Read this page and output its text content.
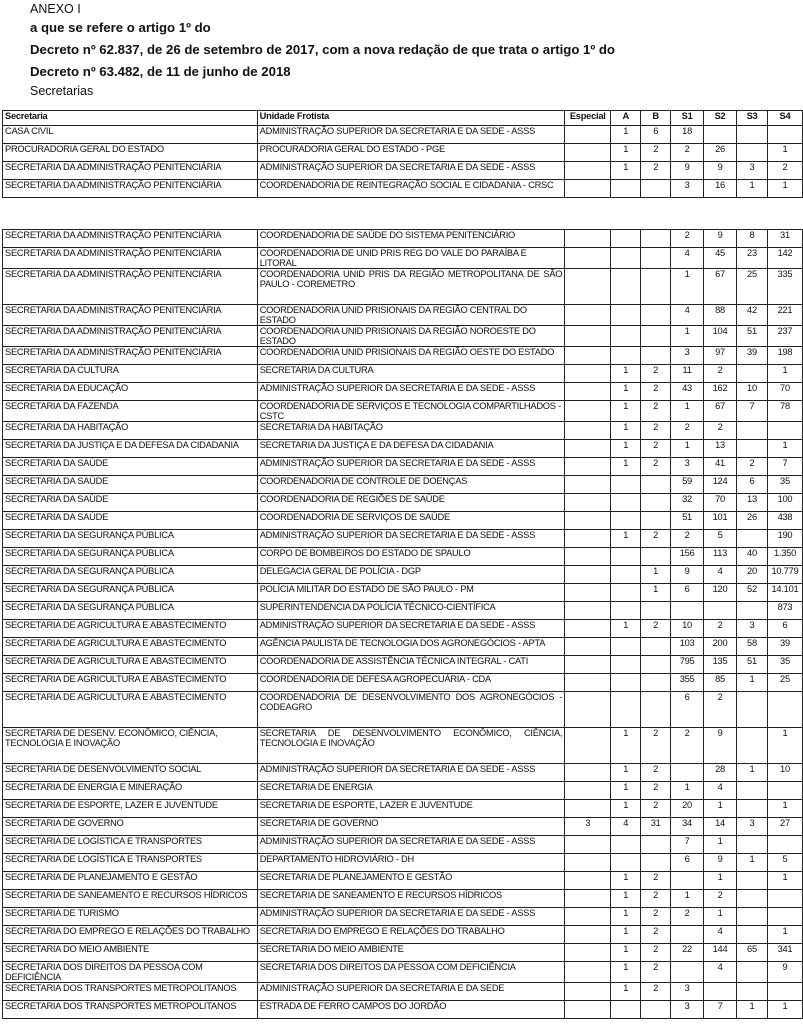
ANEXO I
a que se refere o artigo 1º do
Decreto nº 62.837, de 26 de setembro de 2017, com a nova redação de que trata o artigo 1º do
Decreto nº 63.482, de 11 de junho de 2018
Secretarias
Secretaria	Unidade Frotista	Especial	A	B	S1	S2	S3	S4
CASA CIVIL	ADMINISTRAÇÃO SUPERIOR DA SECRETARIA E DA SEDE - ASSS		1	6	18			
PROCURADORIA GERAL DO ESTADO	PROCURADORIA GERAL DO ESTADO - PGE		1	2	2	26		1
SECRETARIA DA ADMINISTRAÇÃO PENITENCIÁRIA	ADMINISTRAÇÃO SUPERIOR DA SECRETARIA E DA SEDE - ASSS		1	2	9	9	3	2
SECRETARIA DA ADMINISTRAÇÃO PENITENCIÁRIA	COORDENADORIA DE REINTEGRAÇÃO SOCIAL E CIDADANIA - CRSC				3	16	1	1
SECRETARIA DA ADMINISTRAÇÃO PENITENCIÁRIA	COORDENADORIA DE SAÚDE DO SISTEMA PENITENCIÁRIO				2	9	8	31
SECRETARIA DA ADMINISTRAÇÃO PENITENCIÁRIA	COORDENADORIA DE UNID PRIS REG DO VALE DO PARAÍBA E LITORAL				4	45	23	142
SECRETARIA DA ADMINISTRAÇÃO PENITENCIÁRIA	COORDENADORIA UNID PRIS DA REGIÃO METROPOLITANA DE SÃO PAULO - COREMETRO				1	67	25	335
SECRETARIA DA ADMINISTRAÇÃO PENITENCIÁRIA	COORDENADORIA UNID PRISIONAIS DA REGIÃO CENTRAL DO ESTADO				4	88	42	221
SECRETARIA DA ADMINISTRAÇÃO PENITENCIÁRIA	COORDENADORIA UNID PRISIONAIS DA REGIÃO NOROESTE DO ESTADO				1	104	51	237
SECRETARIA DA ADMINISTRAÇÃO PENITENCIÁRIA	COORDENADORIA UNID PRISIONAIS DA REGIÃO OESTE DO ESTADO				3	97	39	198
SECRETARIA DA CULTURA	SECRETARIA DA CULTURA		1	2	11	2		1
SECRETARIA DA EDUCAÇÃO	ADMINISTRAÇÃO SUPERIOR DA SECRETARIA E DA SEDE - ASSS		1	2	43	162	10	70
SECRETARIA DA FAZENDA	COORDENADORIA DE SERVIÇOS E TECNOLOGIA COMPARTILHADOS - CSTC		1	2	1	67	7	78
SECRETARIA DA HABITAÇÃO	SECRETARIA DA HABITAÇÃO		1	2	2	2		
SECRETARIA DA JUSTIÇA E DA DEFESA DA CIDADANIA	SECRETARIA DA JUSTIÇA E DA DEFESA DA CIDADANIA		1	2	1	13		1
SECRETARIA DA SAÚDE	ADMINISTRAÇÃO SUPERIOR DA SECRETARIA E DA SEDE - ASSS		1	2	3	41	2	7
SECRETARIA DA SAÚDE	COORDENADORIA DE CONTROLE DE DOENÇAS				59	124	6	35
SECRETARIA DA SAÚDE	COORDENADORIA DE REGIÕES DE SAÚDE				32	70	13	100
SECRETARIA DA SAÚDE	COORDENADORIA DE SERVIÇOS DE SAÚDE				51	101	26	438
SECRETARIA DA SEGURANÇA PÚBLICA	ADMINISTRAÇÃO SUPERIOR DA SECRETARIA E DA SEDE - ASSS		1	2	2	5		190
SECRETARIA DA SEGURANÇA PÚBLICA	CORPO DE BOMBEIROS DO ESTADO DE SPAULO				156	113	40	1.350
SECRETARIA DA SEGURANÇA PÚBLICA	DELEGACIA GERAL DE POLÍCIA - DGP			1	9	4	20	10.779
SECRETARIA DA SEGURANÇA PÚBLICA	POLÍCIA MILITAR DO ESTADO DE SÃO PAULO - PM			1	6	120	52	14.101
SECRETARIA DA SEGURANÇA PÚBLICA	SUPERINTENDENCIA DA POLÍCIA TÉCNICO-CIENTÍFICA							873
SECRETARIA DE AGRICULTURA E ABASTECIMENTO	ADMINISTRAÇÃO SUPERIOR DA SECRETARIA E DA SEDE - ASSS		1	2	10	2	3	6
SECRETARIA DE AGRICULTURA E ABASTECIMENTO	AGÊNCIA PAULISTA DE TECNOLOGIA DOS AGRONEGÓCIOS - APTA				103	200	58	39
SECRETARIA DE AGRICULTURA E ABASTECIMENTO	COORDENADORIA DE ASSISTÊNCIA TÉCNICA INTEGRAL - CATI				795	135	51	35
SECRETARIA DE AGRICULTURA E ABASTECIMENTO	COORDENADORIA DE DEFESA AGROPECUÁRIA - CDA				355	85	1	25
SECRETARIA DE AGRICULTURA E ABASTECIMENTO	COORDENADORIA DE DESENVOLVIMENTO DOS AGRONEGÓCIOS - CODEAGRO				6	2		
SECRETARIA DE DESENV. ECONÔMICO, CIÊNCIA, TECNOLOGIA E INOVAÇÃO	SECRETARIA DE DESENVOLVIMENTO ECONÔMICO, CIÊNCIA, TECNOLOGIA E INOVAÇÃO		1	2	2	9		1
SECRETARIA DE DESENVOLVIMENTO SOCIAL	ADMINISTRAÇÃO SUPERIOR DA SECRETARIA E DA SEDE - ASSS		1	2		28	1	10
SECRETARIA DE ENERGIA E MINERAÇÃO	SECRETARIA DE ENERGIA		1	2	1	4		
SECRETARIA DE ESPORTE, LAZER E JUVENTUDE	SECRETARIA DE ESPORTE, LAZER E JUVENTUDE		1	2	20	1		1
SECRETARIA DE GOVERNO	SECRETARIA DE GOVERNO	3	4	31	34	14	3	27
SECRETARIA DE LOGÍSTICA E TRANSPORTES	ADMINISTRAÇÃO SUPERIOR DA SECRETARIA E DA SEDE - ASSS				7	1		
SECRETARIA DE LOGÍSTICA E TRANSPORTES	DEPARTAMENTO HIDROVIÁRIO - DH				6	9	1	5
SECRETARIA DE PLANEJAMENTO E GESTÃO	SECRETARIA DE PLANEJAMENTO E GESTÃO		1	2		1		1
SECRETARIA DE SANEAMENTO E RECURSOS HÍDRICOS	SECRETARIA DE SANEAMENTO E RECURSOS HÍDRICOS		1	2	1	2		
SECRETARIA DE TURISMO	ADMINISTRAÇÃO SUPERIOR DA SECRETARIA E DA SEDE - ASSS		1	2	2	1		
SECRETARIA DO EMPREGO E RELAÇÕES DO TRABALHO	SECRETARIA DO EMPREGO E RELAÇÕES DO TRABALHO		1	2		4		1
SECRETARIA DO MEIO AMBIENTE	SECRETARIA DO MEIO AMBIENTE		1	2	22	144	65	341
SECRETARIA DOS DIREITOS DA PESSOA COM DEFICIÊNCIA	SECRETARIA DOS DIREITOS DA PESSOA COM DEFICIÊNCIA		1	2		4		9
SECRETARIA DOS TRANSPORTES METROPOLITANOS	ADMINISTRAÇÃO SUPERIOR DA SECRETARIA E DA SEDE		1	2	3			
SECRETARIA DOS TRANSPORTES METROPOLITANOS	ESTRADA DE FERRO CAMPOS DO JORDÃO				3	7	1	1
